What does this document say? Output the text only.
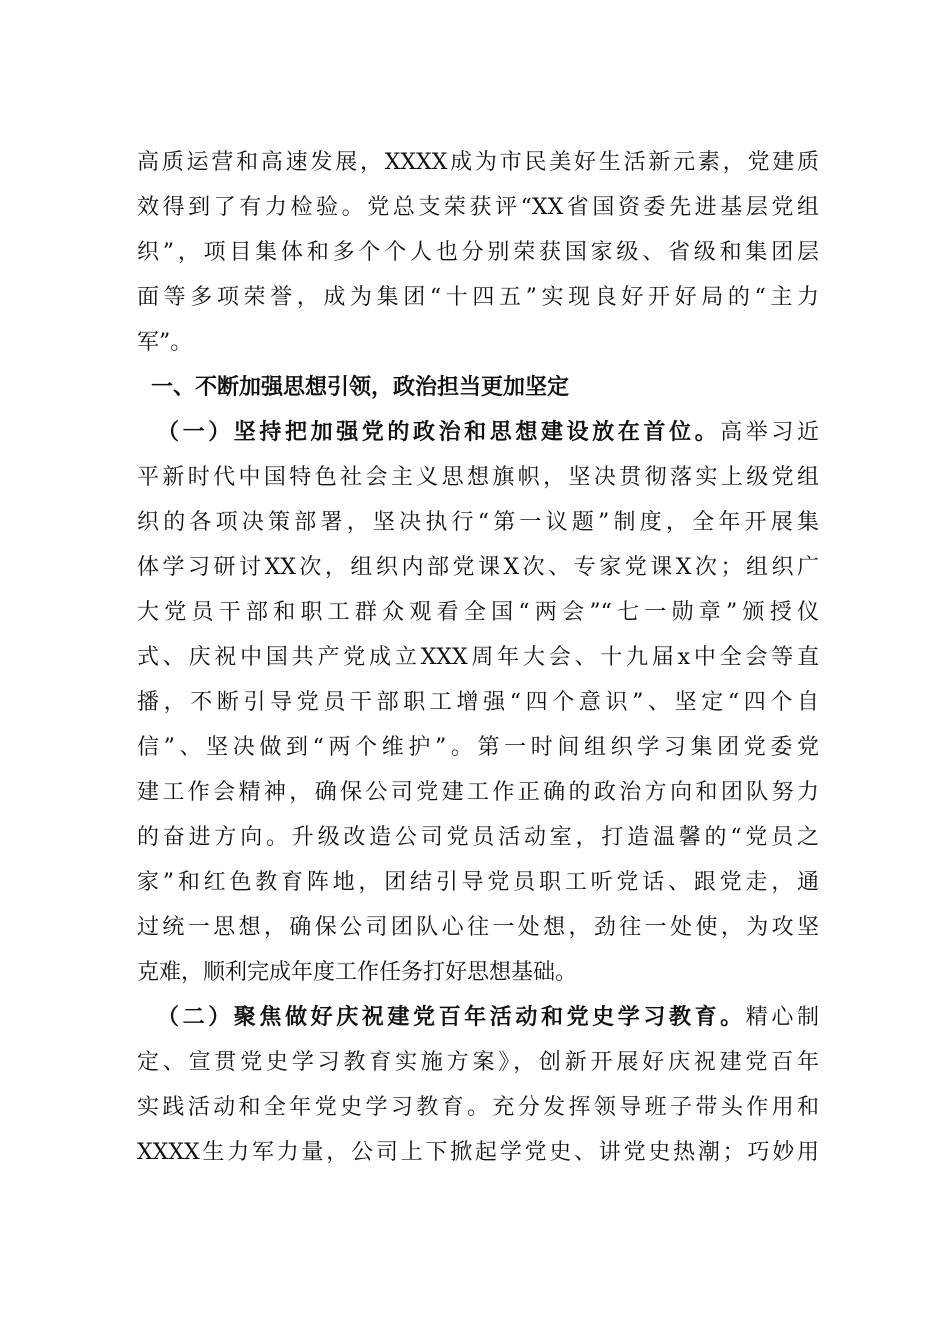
高质运营和高速发展，XXXX成为市民美好生活新元素，党建质
效得到了有力检验。党总支荣获评“XX省国资委先进基层党组
织”，项目集体和多个个人也分别荣获国家级、省级和集团层
面等多项荣誉，成为集团“十四五”实现良好开好局的“主力
军”。
一、不断加强思想引领，政治担当更加坚定
（一）坚持把加强党的政治和思想建设放在首位。高举习近
平新时代中国特色社会主义思想旗帜，坚决贯彻落实上级党组
织的各项决策部署，坚决执行“第一议题”制度，全年开展集
体学习研讨XX次，组织内部党课X次、专家党课X次；组织广
大党员干部和职工群众观看全国“两会”“七一勋章”颁授仪
式、庆祝中国共产党成立XXX周年大会、十九届x中全会等直
播，不断引导党员干部职工增强“四个意识”、坚定“四个自
信”、坚决做到“两个维护”。第一时间组织学习集团党委党
建工作会精神，确保公司党建工作正确的政治方向和团队努力
的奋进方向。升级改造公司党员活动室，打造温馨的“党员之
家”和红色教育阵地，团结引导党员职工听党话、跟党走，通
过统一思想，确保公司团队心往一处想，劲往一处使，为攻坚
克难，顺利完成年度工作任务打好思想基础。
（二）聚焦做好庆祝建党百年活动和党史学习教育。精心制
定、宣贯党史学习教育实施方案》，创新开展好庆祝建党百年
实践活动和全年党史学习教育。充分发挥领导班子带头作用和
XXXX生力军力量，公司上下掀起学党史、讲党史热潮；巧妙用
